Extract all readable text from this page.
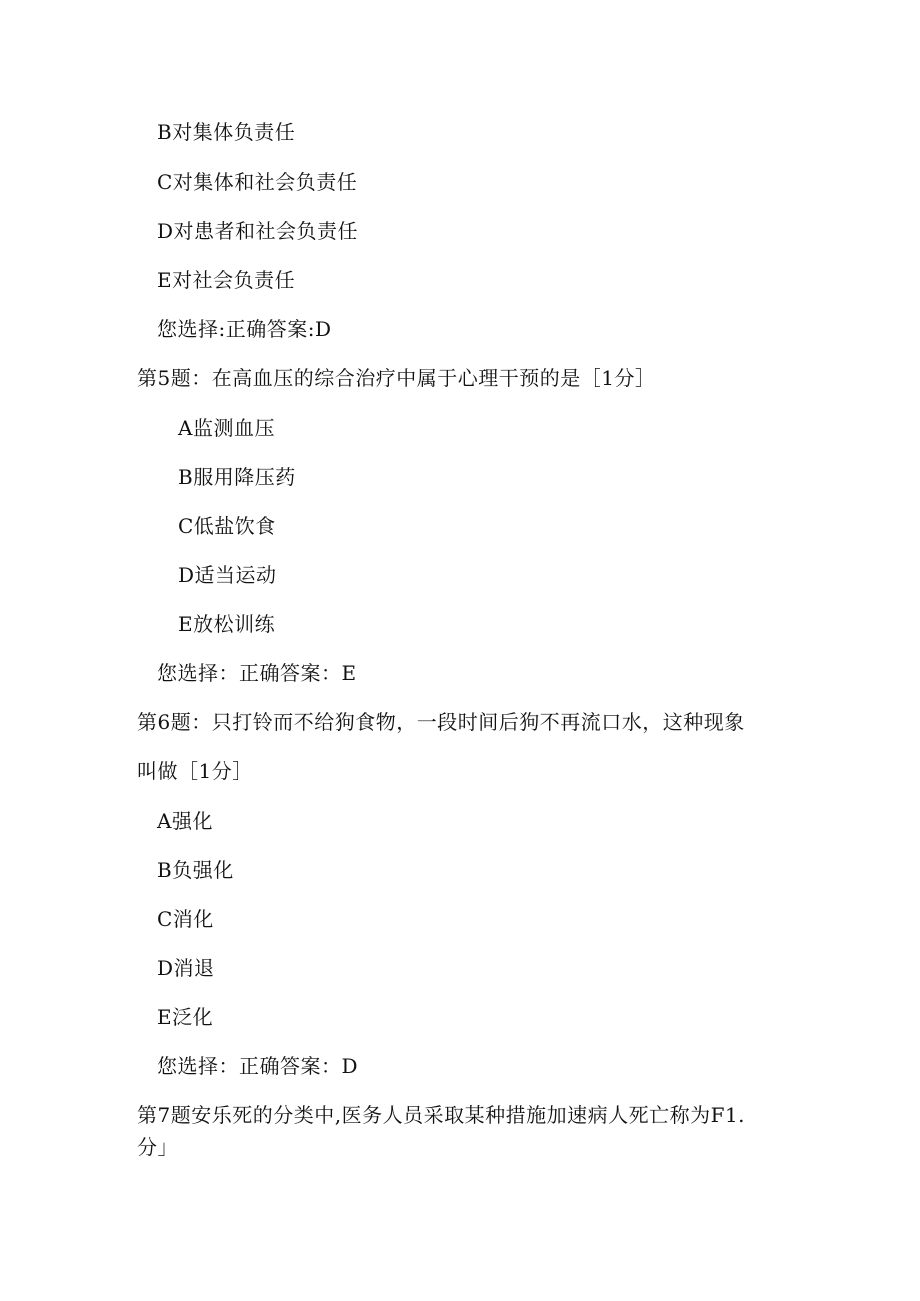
B对集体负责任
C对集体和社会负责任
D对患者和社会负责任
E对社会负责任
您选择:正确答案:D
第5题：在高血压的综合治疗中属于心理干预的是［1分］
A监测血压
B服用降压药
C低盐饮食
D适当运动
E放松训练
您选择：正确答案：E
第6题：只打铃而不给狗食物，一段时间后狗不再流口水，这种现象
叫做［1分］
A强化
B负强化
C消化
D消退
E泛化
您选择：正确答案：D
第7题安乐死的分类中,医务人员采取某种措施加速病人死亡称为F1.
分」
